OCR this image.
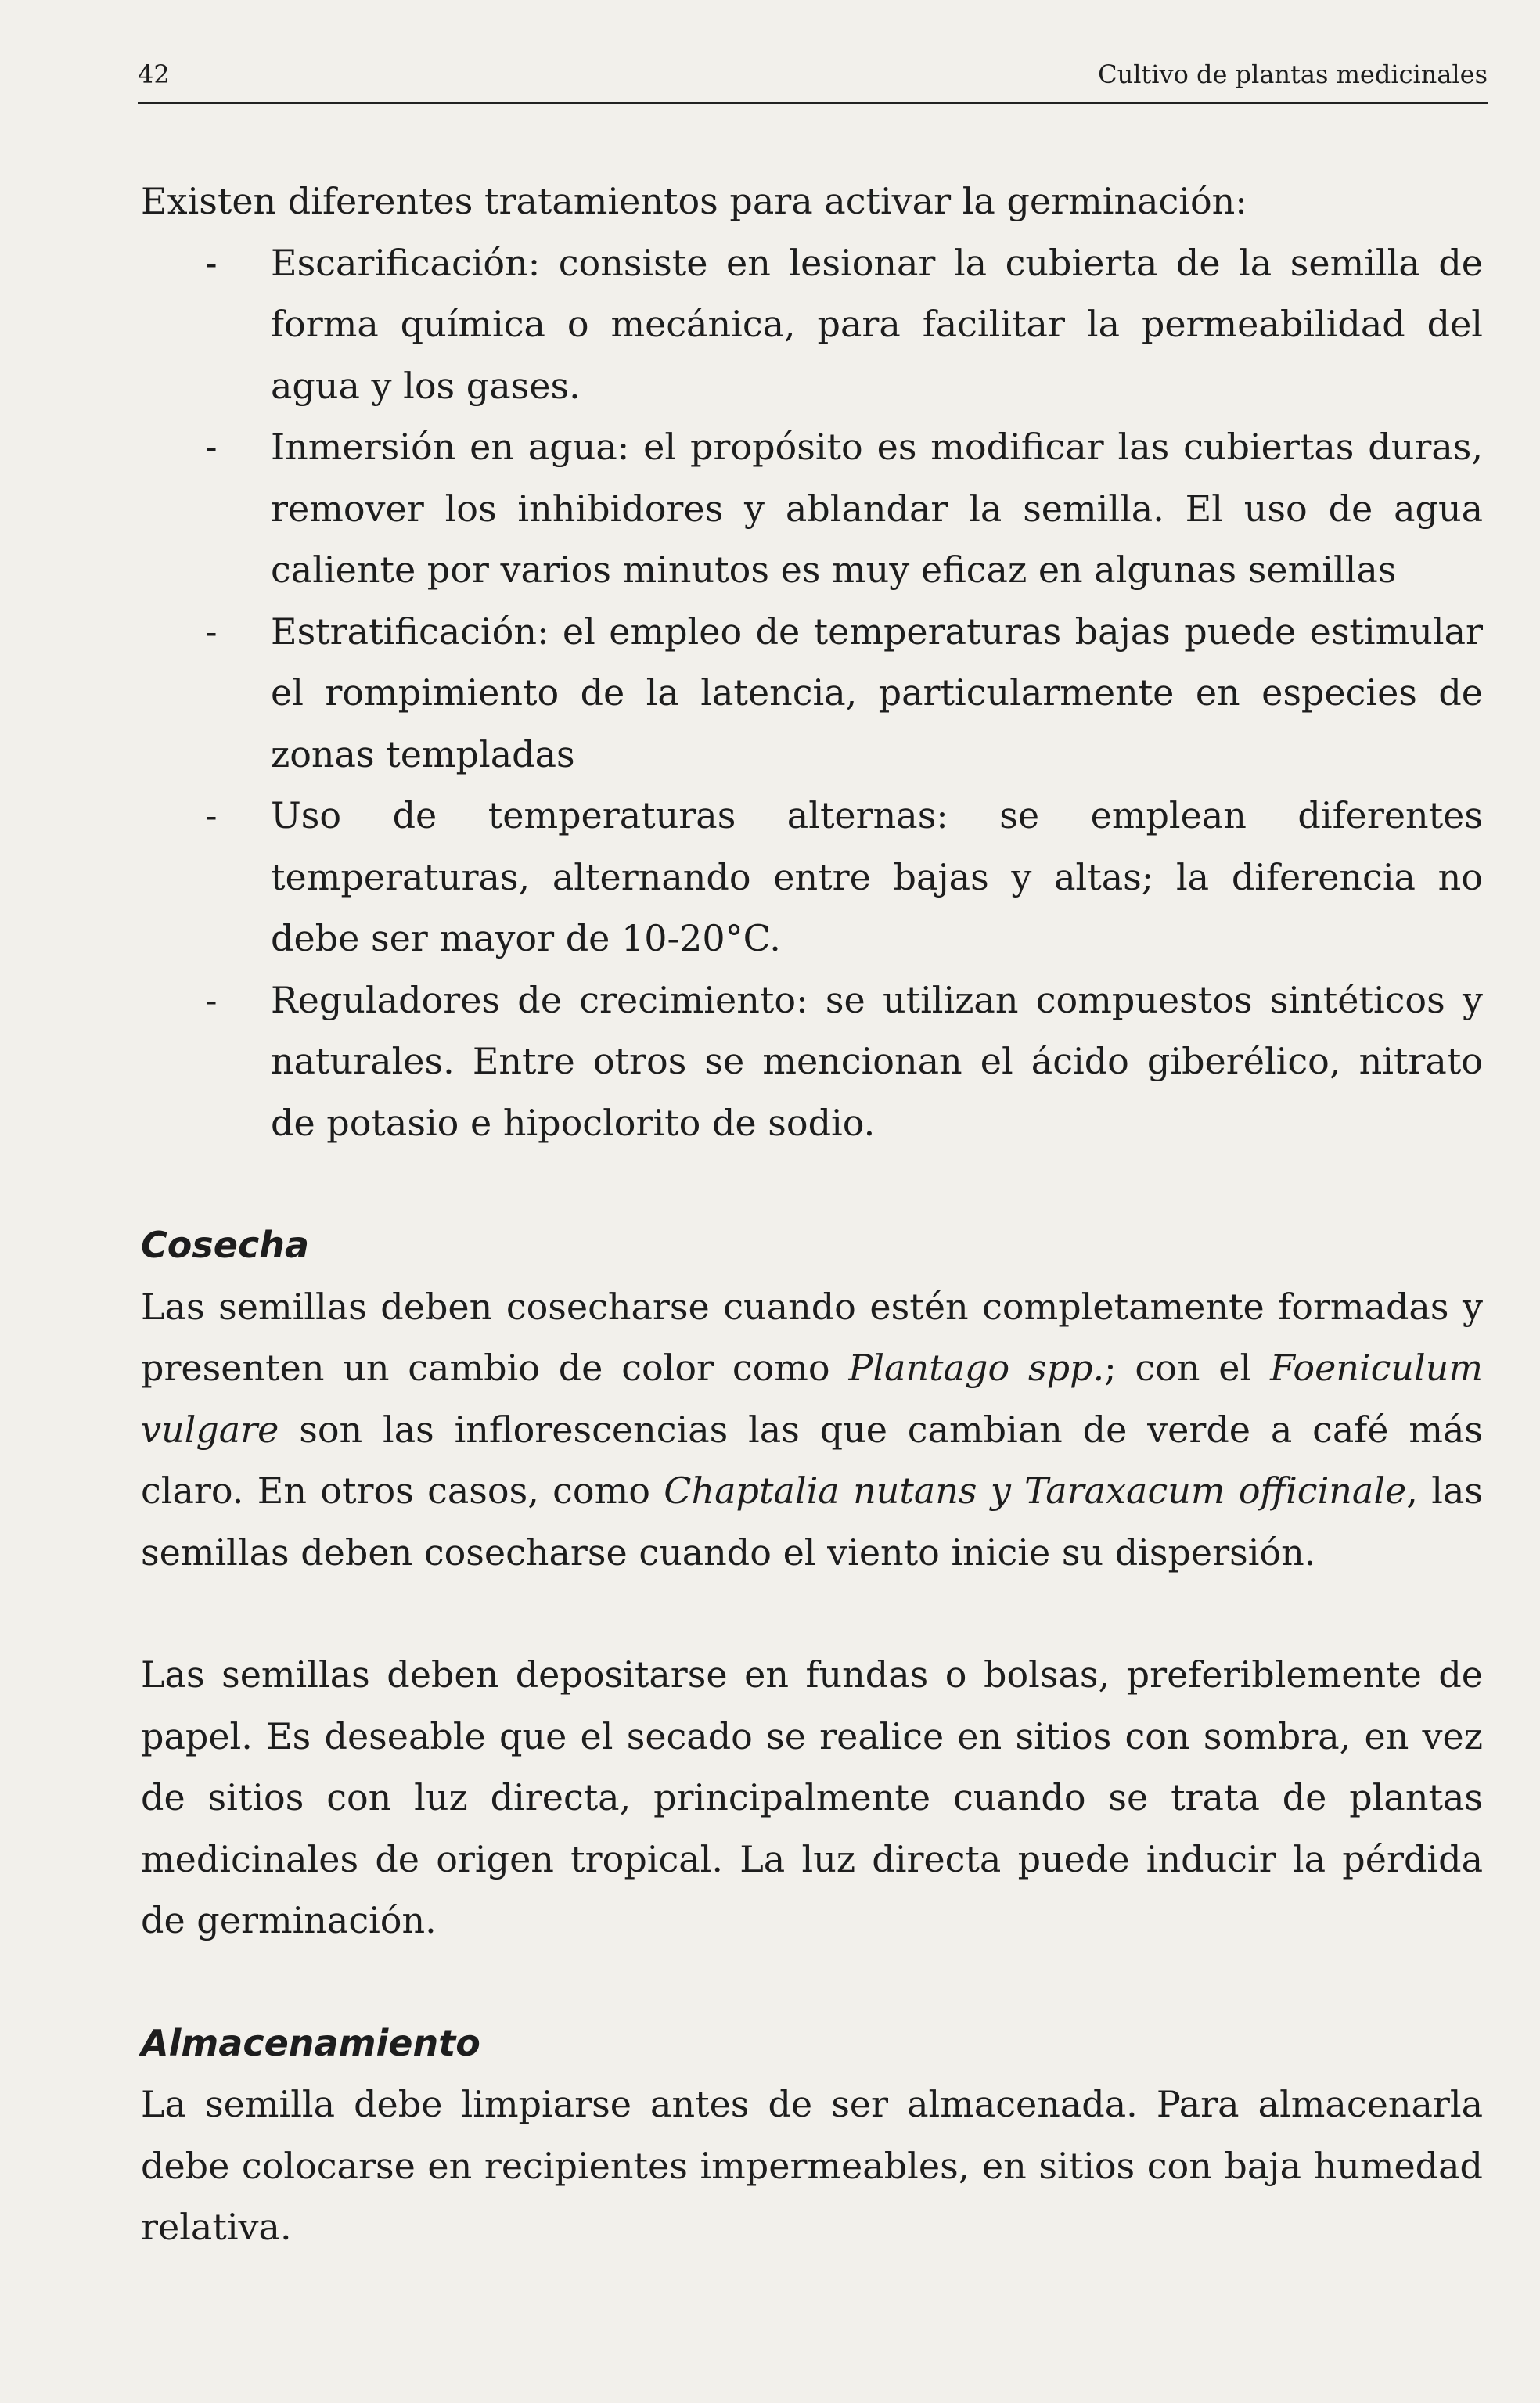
42	Cultivo de plantas medicinales

Existen diferentes tratamientos para activar la germinación:

- Escarificación: consiste en lesionar la cubierta de la semilla de forma química o mecánica, para facilitar la permeabilidad del agua y los gases.
- Inmersión en agua: el propósito es modificar las cubiertas duras, remover los inhibidores y ablandar la semilla. El uso de agua caliente por varios minutos es muy eficaz en algunas semillas
- Estratificación: el empleo de temperaturas bajas puede estimular el rompimiento de la latencia, particularmente en especies de zonas templadas
- Uso de temperaturas alternas: se emplean diferentes temperaturas, alternando entre bajas y altas; la diferencia no debe ser mayor de 10-20°C.
- Reguladores de crecimiento: se utilizan compuestos sintéticos y naturales. Entre otros se mencionan el ácido giberélico, nitrato de potasio e hipoclorito de sodio.
Cosecha

Las semillas deben cosecharse cuando estén completamente formadas y presenten un cambio de color como Plantago spp.; con el Foeniculum vulgare son las inflorescencias las que cambian de verde a café más claro. En otros casos, como Chaptalia nutans y Taraxacum officinale, las semillas deben cosecharse cuando el viento inicie su dispersión.

Las semillas deben depositarse en fundas o bolsas, preferiblemente de papel. Es deseable que el secado se realice en sitios con sombra, en vez de sitios con luz directa, principalmente cuando se trata de plantas medicinales de origen tropical. La luz directa puede inducir la pérdida de germinación.

Almacenamiento

La semilla debe limpiarse antes de ser almacenada. Para almacenarla debe colocarse en recipientes impermeables, en sitios con baja humedad relativa.
